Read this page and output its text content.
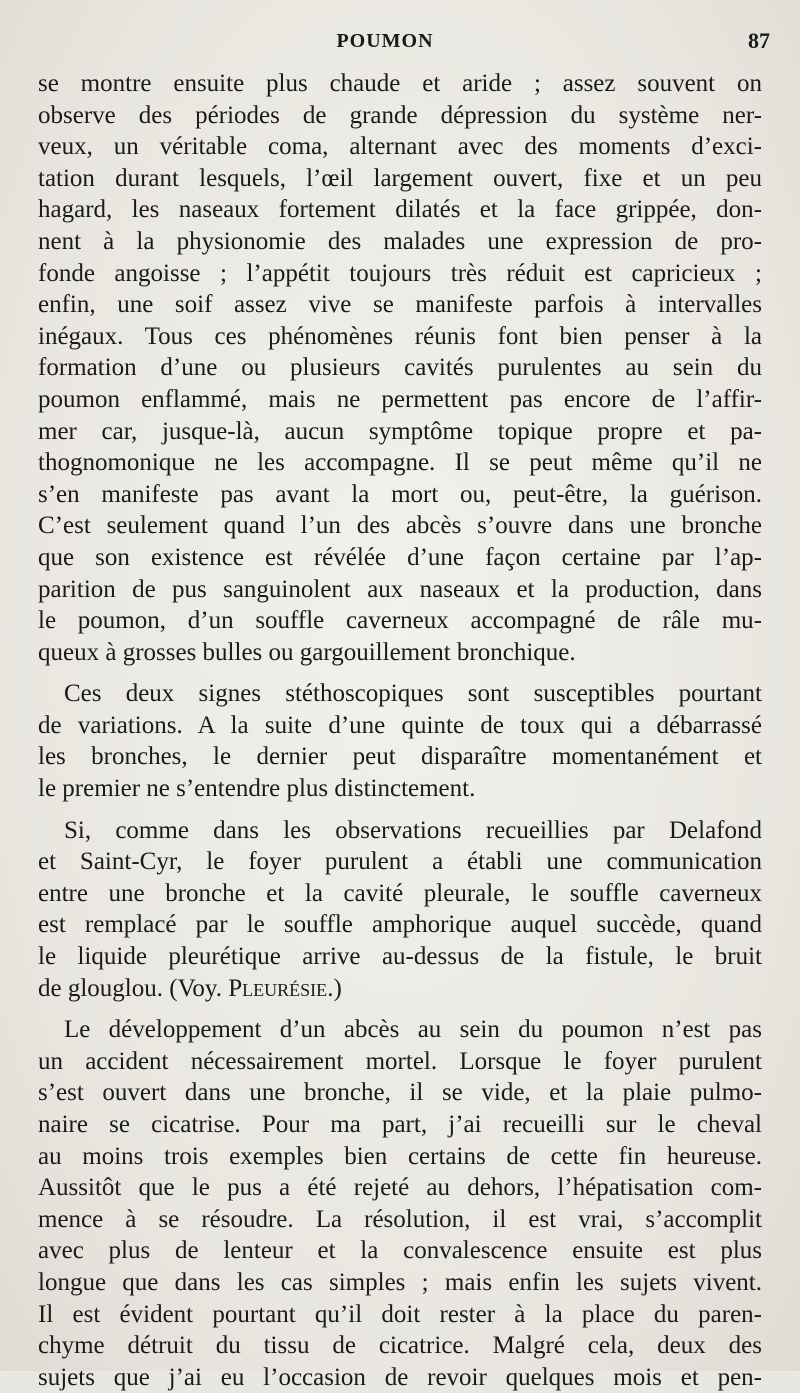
POUMON	87
se montre ensuite plus chaude et aride ; assez souvent on
observe des périodes de grande dépression du système ner-
veux, un véritable coma, alternant avec des moments d’exci-
tation durant lesquels, l’œil largement ouvert, fixe et un peu
hagard, les naseaux fortement dilatés et la face grippée, don-
nent à la physionomie des malades une expression de pro-
fonde angoisse ; l’appétit toujours très réduit est capricieux ;
enfin, une soif assez vive se manifeste parfois à intervalles
inégaux. Tous ces phénomènes réunis font bien penser à la
formation d’une ou plusieurs cavités purulentes au sein du
poumon enflammé, mais ne permettent pas encore de l’affir-
mer car, jusque-là, aucun symptôme topique propre et pa-
thognomonique ne les accompagne. Il se peut même qu’il ne
s’en manifeste pas avant la mort ou, peut-être, la guérison.
C’est seulement quand l’un des abcès s’ouvre dans une bronche
que son existence est révélée d’une façon certaine par l’ap-
parition de pus sanguinolent aux naseaux et la production, dans
le poumon, d’un souffle caverneux accompagné de râle mu-
queux à grosses bulles ou gargouillement bronchique.
Ces deux signes stéthoscopiques sont susceptibles pourtant
de variations. A la suite d’une quinte de toux qui a débarrassé
les bronches, le dernier peut disparaître momentanément et
le premier ne s’entendre plus distinctement.
Si, comme dans les observations recueillies par Delafond
et Saint-Cyr, le foyer purulent a établi une communication
entre une bronche et la cavité pleurale, le souffle caverneux
est remplacé par le souffle amphorique auquel succède, quand
le liquide pleurétique arrive au-dessus de la fistule, le bruit
de glouglou. (Voy. Pleurésie.)
Le développement d’un abcès au sein du poumon n’est pas
un accident nécessairement mortel. Lorsque le foyer purulent
s’est ouvert dans une bronche, il se vide, et la plaie pulmo-
naire se cicatrise. Pour ma part, j’ai recueilli sur le cheval
au moins trois exemples bien certains de cette fin heureuse.
Aussitôt que le pus a été rejeté au dehors, l’hépatisation com-
mence à se résoudre. La résolution, il est vrai, s’accomplit
avec plus de lenteur et la convalescence ensuite est plus
longue que dans les cas simples ; mais enfin les sujets vivent.
Il est évident pourtant qu’il doit rester à la place du paren-
chyme détruit du tissu de cicatrice. Malgré cela, deux des
sujets que j’ai eu l’occasion de revoir quelques mois et pen-
